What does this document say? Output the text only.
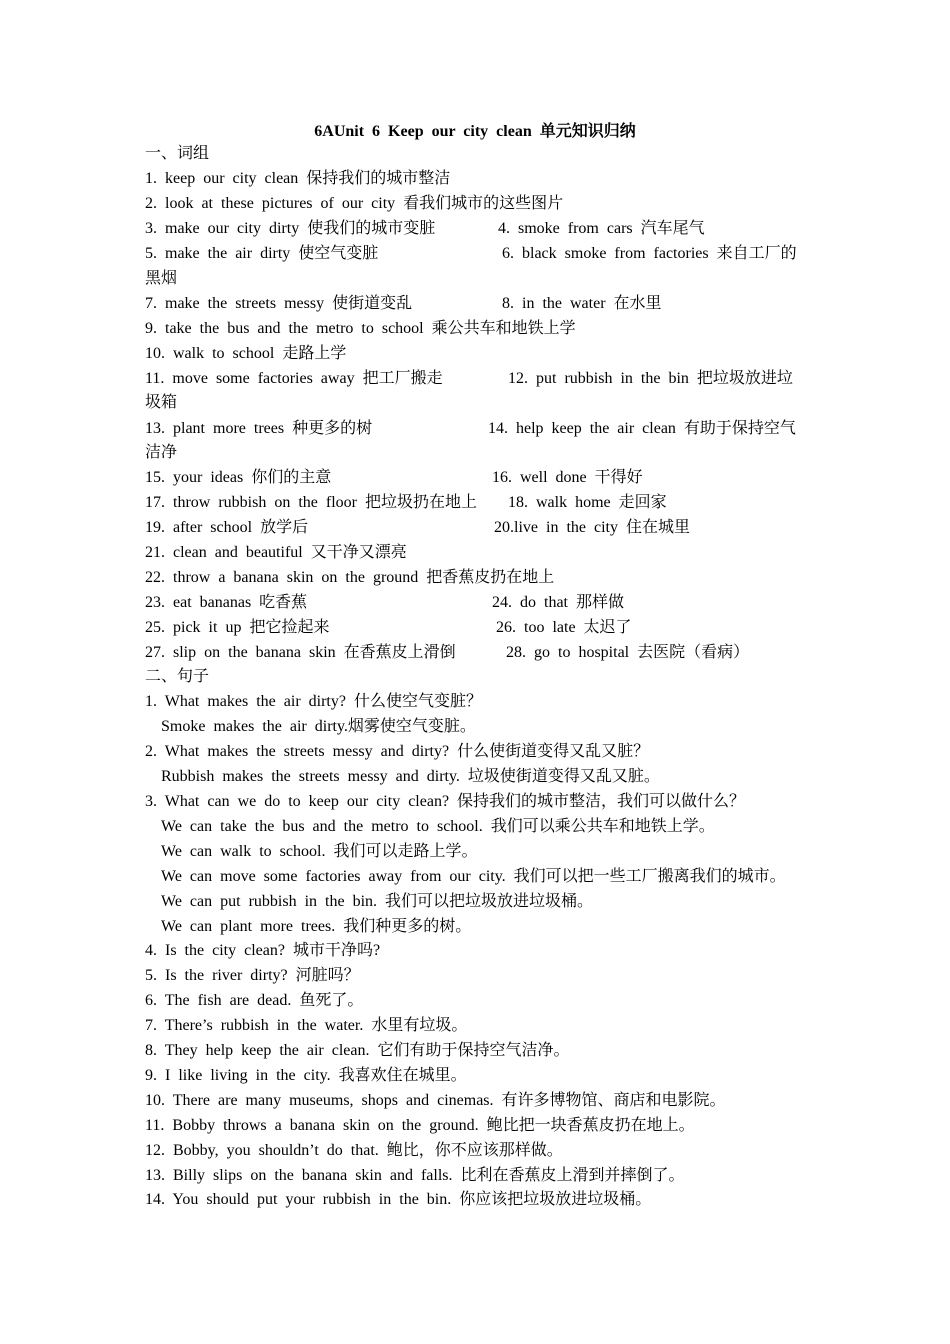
6AUnit 6 Keep our city clean 单元知识归纳
一、词组
1. keep our city clean 保持我们的城市整洁
2. look at these pictures of our city 看我们城市的这些图片
3. make our city dirty 使我们的城市变脏	4. smoke from cars 汽车尾气
5. make the air dirty 使空气变脏	6. black smoke from factories 来自工厂的
黑烟
7. make the streets messy 使街道变乱	8. in the water 在水里
9. take the bus and the metro to school 乘公共车和地铁上学
10. walk to school 走路上学
11. move some factories away 把工厂搬走	12. put rubbish in the bin 把垃圾放进垃
圾箱
13. plant more trees 种更多的树	14. help keep the air clean 有助于保持空气
洁净
15. your ideas 你们的主意	16. well done 干得好
17. throw rubbish on the floor 把垃圾扔在地上 18. walk home 走回家
19. after school 放学后	20.live in the city 住在城里
21. clean and beautiful 又干净又漂亮
22. throw a banana skin on the ground 把香蕉皮扔在地上
23. eat bananas 吃香蕉	24. do that 那样做
25. pick it up 把它捡起来	26. too late 太迟了
27. slip on the banana skin 在香蕉皮上滑倒	28. go to hospital 去医院（看病）
二、句子
1. What makes the air dirty? 什么使空气变脏？
Smoke makes the air dirty.烟雾使空气变脏。
2. What makes the streets messy and dirty? 什么使街道变得又乱又脏？
Rubbish makes the streets messy and dirty. 垃圾使街道变得又乱又脏。
3. What can we do to keep our city clean? 保持我们的城市整洁，我们可以做什么？
We can take the bus and the metro to school. 我们可以乘公共车和地铁上学。
We can walk to school. 我们可以走路上学。
We can move some factories away from our city. 我们可以把一些工厂搬离我们的城市。
We can put rubbish in the bin. 我们可以把垃圾放进垃圾桶。
We can plant more trees. 我们种更多的树。
4. Is the city clean? 城市干净吗?
5. Is the river dirty? 河脏吗？
6. The fish are dead. 鱼死了。
7. There’s rubbish in the water. 水里有垃圾。
8. They help keep the air clean. 它们有助于保持空气洁净。
9. I like living in the city. 我喜欢住在城里。
10. There are many museums, shops and cinemas. 有许多博物馆、商店和电影院。
11. Bobby throws a banana skin on the ground. 鲍比把一块香蕉皮扔在地上。
12. Bobby, you shouldn’t do that. 鲍比，你不应该那样做。
13. Billy slips on the banana skin and falls. 比利在香蕉皮上滑到并摔倒了。
14. You should put your rubbish in the bin. 你应该把垃圾放进垃圾桶。
